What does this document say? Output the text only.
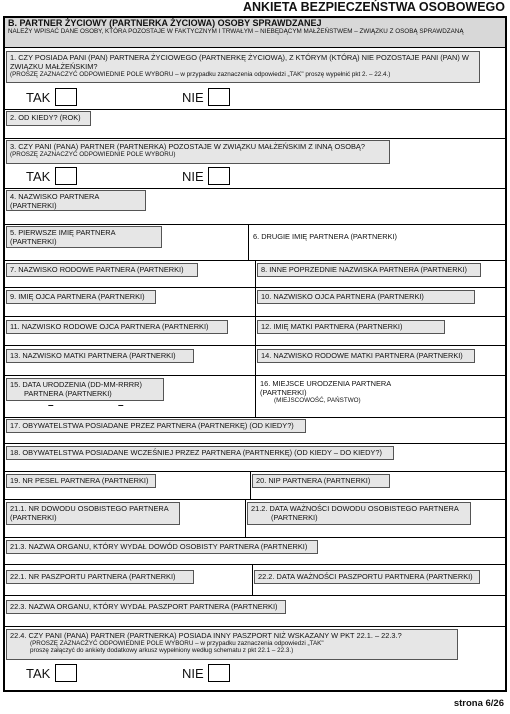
ANKIETA BEZPIECZEŃSTWA OSOBOWEGO
B. PARTNER ŻYCIOWY (PARTNERKA ŻYCIOWA) OSOBY SPRAWDZANEJ
NALEŻY WPISAĆ DANE OSOBY, KTÓRA POZOSTAJE W FAKTYCZNYM I TRWAŁYM – NIEBĘDĄCYM MAŁŻEŃSTWEM – ZWIĄZKU Z OSOBĄ SPRAWDZANĄ
1. CZY POSIADA PANI (PAN) PARTNERA ŻYCIOWEGO (PARTNERKĘ ŻYCIOWĄ), Z KTÓRYM (KTÓRĄ) NIE POZOSTAJE PANI (PAN) W ZWIĄZKU MAŁŻEŃSKIM?
(PROSZĘ ZAZNACZYĆ ODPOWIEDNIE POLE WYBORU – w przypadku zaznaczenia odpowiedzi „TAK" proszę wypełnić pkt 2. – 22.4.)
TAK	NIE
2. OD KIEDY? (ROK)
3. CZY PANI (PANA) PARTNER (PARTNERKA) POZOSTAJE W ZWIĄZKU MAŁŻEŃSKIM Z INNĄ OSOBĄ?
(PROSZĘ ZAZNACZYĆ ODPOWIEDNIE POLE WYBORU)
TAK	NIE
4. NAZWISKO PARTNERA
(PARTNERKI)
5. PIERWSZE IMIĘ PARTNERA
(PARTNERKI)
6. DRUGIE IMIĘ PARTNERA (PARTNERKI)
7. NAZWISKO RODOWE PARTNERA (PARTNERKI)	8. INNE POPRZEDNIE NAZWISKA PARTNERA (PARTNERKI)
9. IMIĘ OJCA PARTNERA (PARTNERKI)	10. NAZWISKO OJCA PARTNERA (PARTNERKI)
11. NAZWISKO RODOWE OJCA PARTNERA (PARTNERKI)	12. IMIĘ MATKI PARTNERA (PARTNERKI)
13. NAZWISKO MATKI PARTNERA (PARTNERKI)	14. NAZWISKO RODOWE MATKI PARTNERA (PARTNERKI)
15. DATA URODZENIA (DD-MM-RRRR)
PARTNERA (PARTNERKI)
–	–
16. MIEJSCE URODZENIA PARTNERA (PARTNERKI)
(MIEJSCOWOŚĆ, PAŃSTWO)
17. OBYWATELSTWA POSIADANE PRZEZ PARTNERA (PARTNERKĘ) (OD KIEDY?)
18. OBYWATELSTWA POSIADANE WCZEŚNIEJ PRZEZ PARTNERA (PARTNERKĘ) (OD KIEDY – DO KIEDY?)
19. NR PESEL PARTNERA (PARTNERKI)	20. NIP PARTNERA (PARTNERKI)
21.1. NR DOWODU OSOBISTEGO PARTNERA
(PARTNERKI)
21.2. DATA WAŻNOŚCI DOWODU OSOBISTEGO PARTNERA
(PARTNERKI)
21.3. NAZWA ORGANU, KTÓRY WYDAŁ DOWÓD OSOBISTY PARTNERA (PARTNERKI)
22.1. NR PASZPORTU PARTNERA (PARTNERKI)	22.2. DATA WAŻNOŚCI PASZPORTU PARTNERA (PARTNERKI)
22.3. NAZWA ORGANU, KTÓRY WYDAŁ PASZPORT PARTNERA (PARTNERKI)
22.4. CZY PANI (PANA) PARTNER (PARTNERKA) POSIADA INNY PASZPORT NIŻ WSKAZANY W PKT 22.1. – 22.3.?
(PROSZĘ ZAZNACZYĆ ODPOWIEDNIE POLE WYBORU – w przypadku zaznaczenia odpowiedzi „TAK"
proszę załączyć do ankiety dodatkowy arkusz wypełniony według schematu z pkt 22.1 – 22.3.)
TAK	NIE
strona 6/26
